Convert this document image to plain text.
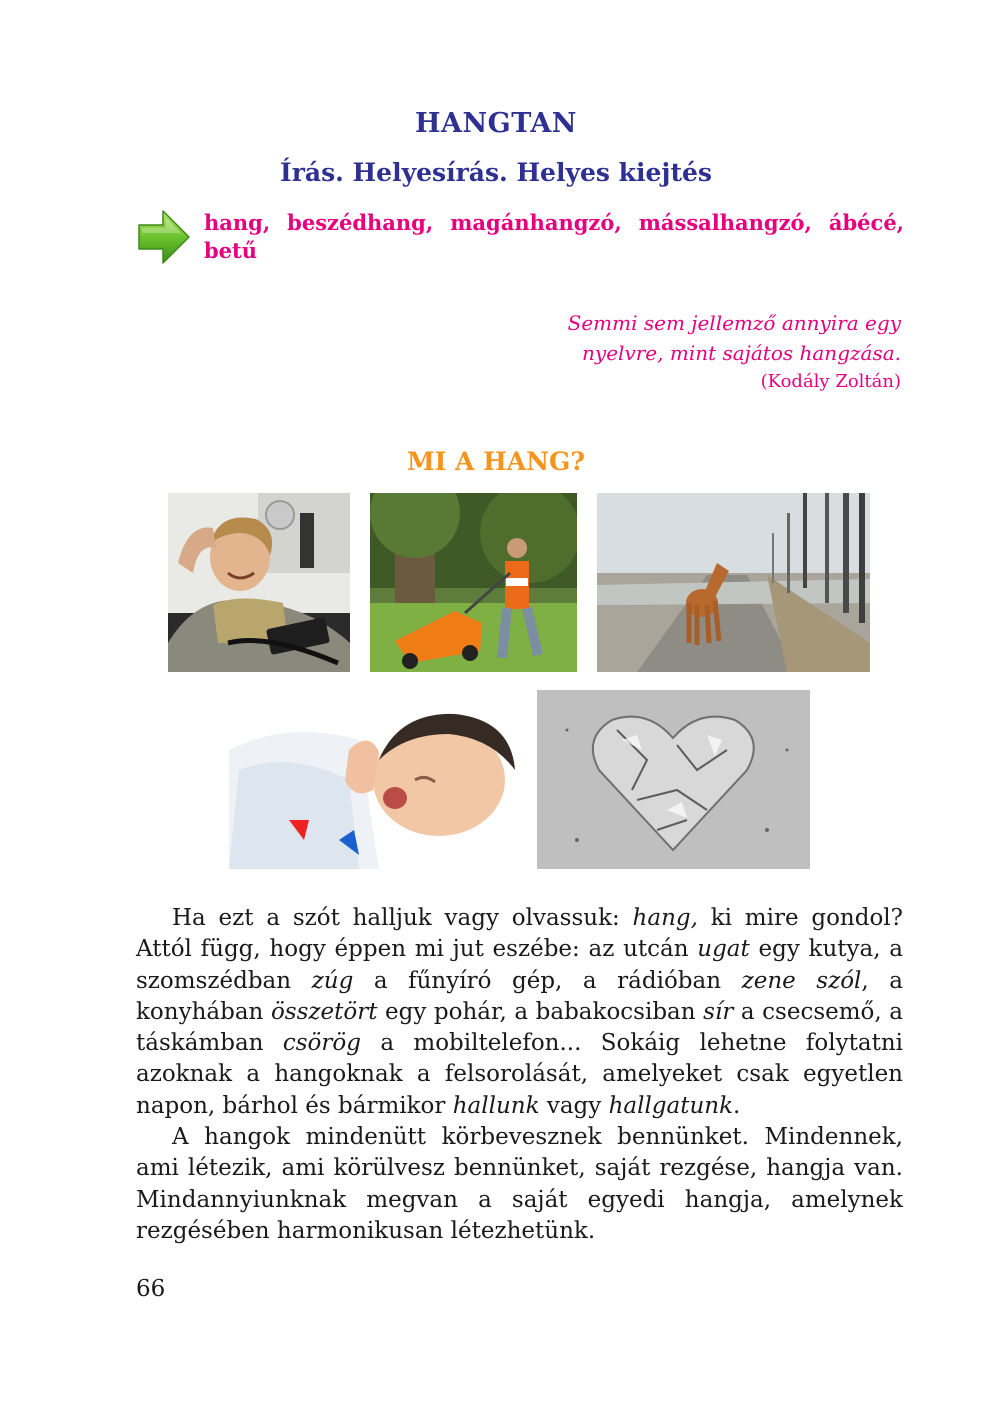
HANGTAN
Írás. Helyesírás. Helyes kiejtés
hang, beszédhang, magánhangzó, mássalhangzó, ábécé, betű
Semmi sem jellemző annyira egy
nyelvre, mint sajátos hangzása.
(Kodály Zoltán)
MI A HANG?

Ha ezt a szót halljuk vagy olvassuk: hang, ki mire gondol? Attól függ, hogy éppen mi jut eszébe: az utcán ugat egy kutya, a szomszédban zúg a fűnyíró gép, a rádióban zene szól, a konyhában összetört egy pohár, a babakocsiban sír a csecsemő, a táskámban csörög a mobiltelefon... Sokáig lehetne folytatni azoknak a hangoknak a felsorolását, amelyeket csak egyetlen napon, bárhol és bármikor hallunk vagy hallgatunk.

A hangok mindenütt körbevesznek bennünket. Mindennek, ami létezik, ami körülvesz bennünket, saját rezgése, hangja van. Mindannyiunknak megvan a saját egyedi hangja, amelynek rezgésében harmonikusan létezhetünk.

66
